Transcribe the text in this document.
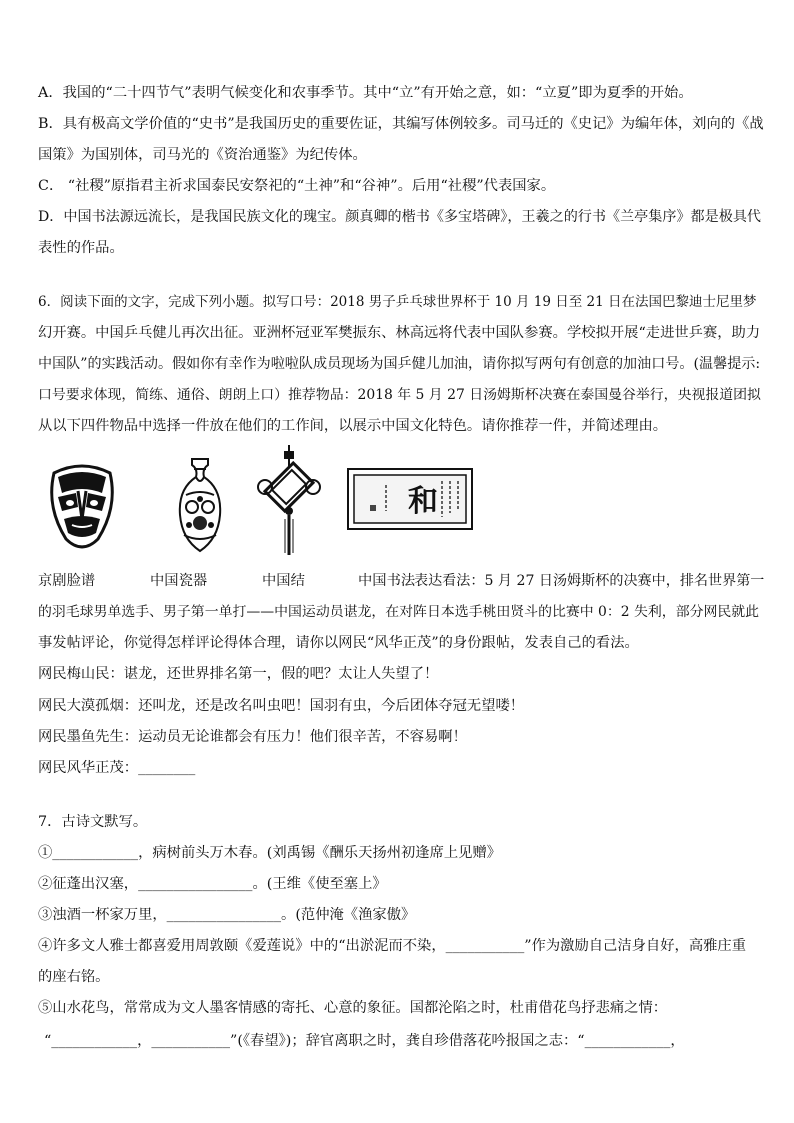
A．我国的“二十四节气”表明气候变化和农事季节。其中“立”有开始之意，如：“立夏”即为夏季的开始。
B．具有极高文学价值的“史书”是我国历史的重要佐证，其编写体例较多。司马迁的《史记》为编年体，刘向的《战
国策》为国别体，司马光的《资治通鉴》为纪传体。
C． “社稷”原指君主祈求国泰民安祭祀的“土神”和“谷神”。后用“社稷”代表国家。
D．中国书法源远流长，是我国民族文化的瑰宝。颜真卿的楷书《多宝塔碑》，王羲之的行书《兰亭集序》都是极具代
表性的作品。
6．阅读下面的文字，完成下列小题。拟写口号：2018 男子乒乓球世界杯于 10 月 19 日至 21 日在法国巴黎迪士尼里梦
幻开赛。中国乒乓健儿再次出征。亚洲杯冠亚军樊振东、林高远将代表中国队参赛。学校拟开展“走进世乒赛，助力
中国队”的实践活动。假如你有幸作为啦啦队成员现场为国乒健儿加油，请你拟写两句有创意的加油口号。(温馨提示:
口号要求体现，简练、通俗、朗朗上口）推荐物品：2018 年 5 月 27 日汤姆斯杯决赛在泰国曼谷举行，央视报道团拟
从以下四件物品中选择一件放在他们的工作间，以展示中国文化特色。请你推荐一件，并简述理由。
和
京剧脸谱	中国瓷器	中国结	中国书法
表达看法：5 月 27 日汤姆斯杯的决赛中，排名世界第一
的羽毛球男单选手、男子第一单打——中国运动员谌龙，在对阵日本选手桃田贤斗的比赛中 0：2 失利，部分网民就此
事发帖评论，你觉得怎样评论得体合理，请你以网民“风华正茂”的身份跟帖，发表自己的看法。
网民梅山民：谌龙，还世界排名第一，假的吧？太让人失望了！
网民大漠孤烟：还叫龙，还是改名叫虫吧！国羽有虫，今后团体夺冠无望喽！
网民墨鱼先生：运动员无论谁都会有压力！他们很辛苦，不容易啊！
网民风华正茂：________
7．古诗文默写。
①____________，病树前头万木春。(刘禹锡《酬乐天扬州初逢席上见赠》
②征蓬出汉塞，________________。(王维《使至塞上》
③浊酒一杯家万里，________________。(范仲淹《渔家傲》
④许多文人雅士都喜爱用周敦颐《爱莲说》中的“出淤泥而不染，___________”作为激励自己洁身自好，高雅庄重
的座右铭。
⑤山水花鸟，常常成为文人墨客情感的寄托、心意的象征。国都沦陷之时，杜甫借花鸟抒悲痛之情：
“____________，___________”(《春望》)；辞官离职之时，龚自珍借落花吟报国之志：“____________，
